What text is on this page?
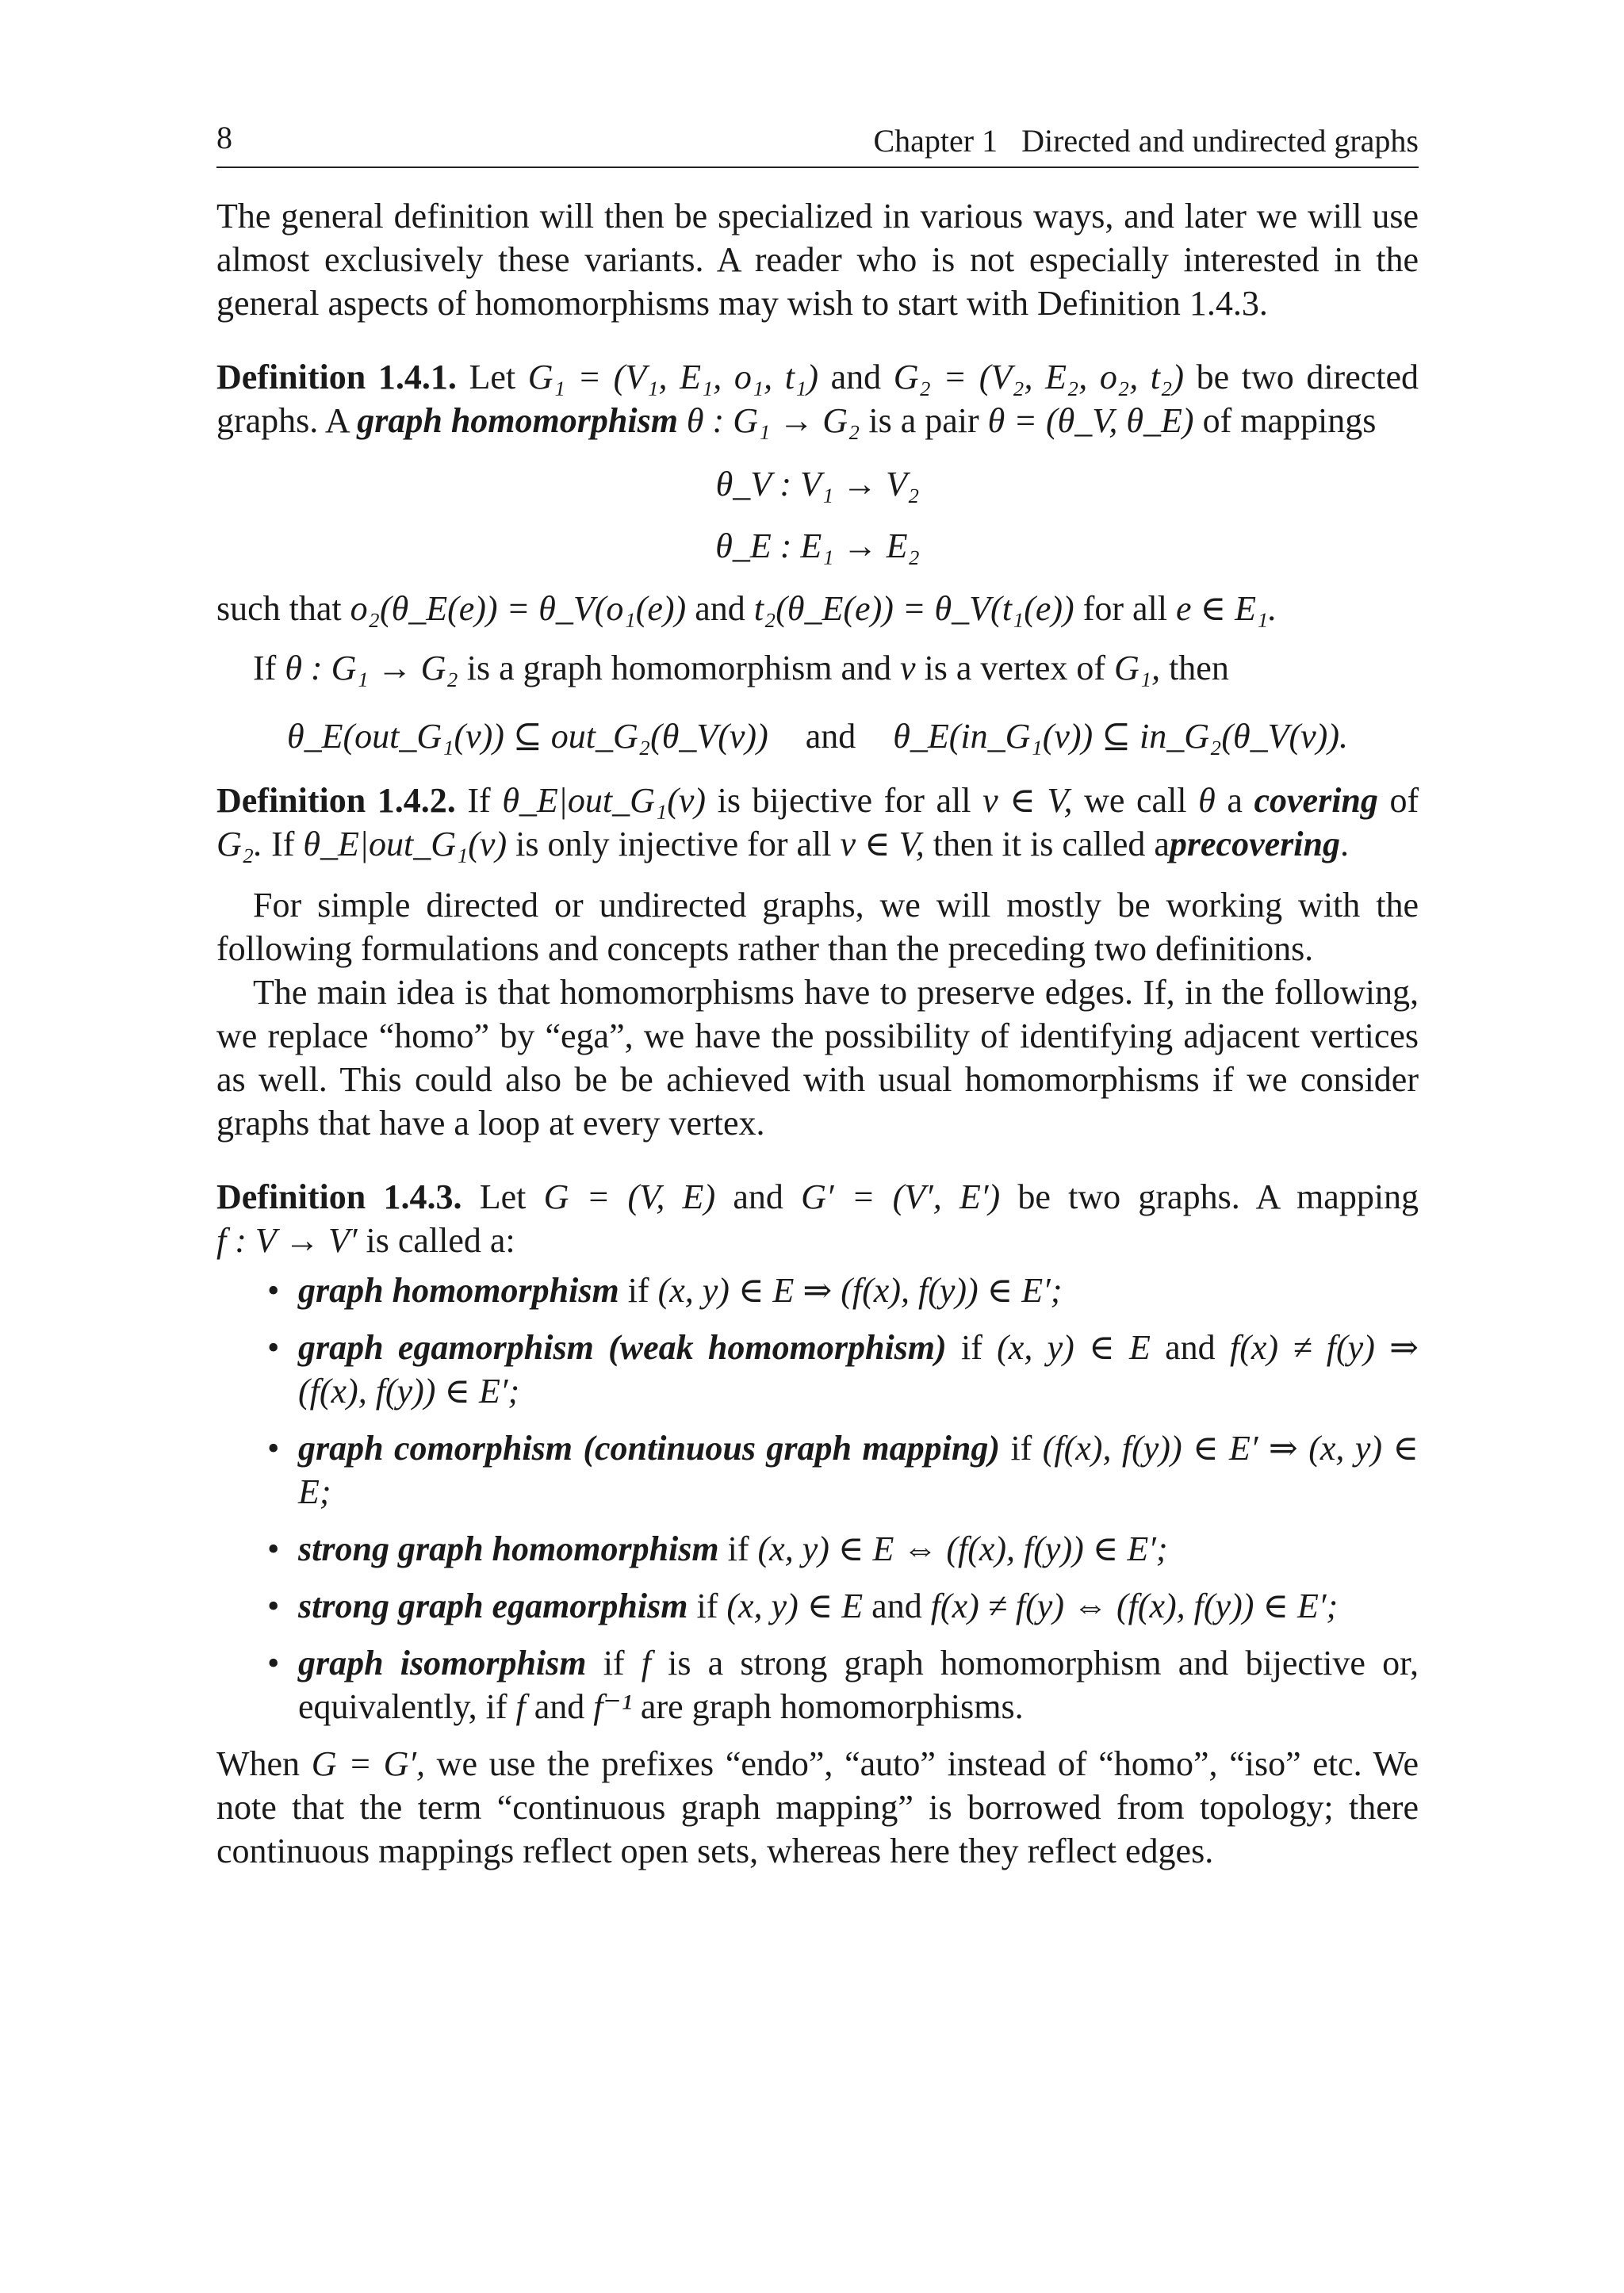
8	Chapter 1   Directed and undirected graphs

The general definition will then be specialized in various ways, and later we will use almost exclusively these variants. A reader who is not especially interested in the general aspects of homomorphisms may wish to start with Definition 1.4.3.

Definition 1.4.1. Let G₁ = (V₁, E₁, o₁, t₁) and G₂ = (V₂, E₂, o₂, t₂) be two directed graphs. A graph homomorphism θ : G₁ → G₂ is a pair θ = (θ_V, θ_E) of mappings

θ_V : V₁ → V₂
θ_E : E₁ → E₂

such that o₂(θ_E(e)) = θ_V(o₁(e)) and t₂(θ_E(e)) = θ_V(t₁(e)) for all e ∈ E₁.

If θ : G₁ → G₂ is a graph homomorphism and v is a vertex of G₁, then

θ_E(out_G₁(v)) ⊆ out_G₂(θ_V(v)) and θ_E(in_G₁(v)) ⊆ in_G₂(θ_V(v)).

Definition 1.4.2. If θ_E|out_G₁(v) is bijective for all v ∈ V, we call θ a covering of G₂. If θ_E|out_G₁(v) is only injective for all v ∈ V, then it is called aprecovering.

For simple directed or undirected graphs, we will mostly be working with the following formulations and concepts rather than the preceding two definitions.

The main idea is that homomorphisms have to preserve edges. If, in the following, we replace “homo” by “ega”, we have the possibility of identifying adjacent vertices as well. This could also be be achieved with usual homomorphisms if we consider graphs that have a loop at every vertex.

Definition 1.4.3. Let G = (V, E) and G′ = (V′, E′) be two graphs. A mapping f : V → V′ is called a:

• graph homomorphism if (x, y) ∈ E ⇒ (f(x), f(y)) ∈ E′;
• graph egamorphism (weak homomorphism) if (x, y) ∈ E and f(x) ≠ f(y) ⇒ (f(x), f(y)) ∈ E′;
• graph comorphism (continuous graph mapping) if (f(x), f(y)) ∈ E′ ⇒ (x, y) ∈ E;
• strong graph homomorphism if (x, y) ∈ E ⇔ (f(x), f(y)) ∈ E′;
• strong graph egamorphism if (x, y) ∈ E and f(x) ≠ f(y) ⇔ (f(x), f(y)) ∈ E′;
• graph isomorphism if f is a strong graph homomorphism and bijective or, equivalently, if f and f⁻¹ are graph homomorphisms.

When G = G′, we use the prefixes “endo”, “auto” instead of “homo”, “iso” etc. We note that the term “continuous graph mapping” is borrowed from topology; there continuous mappings reflect open sets, whereas here they reflect edges.
